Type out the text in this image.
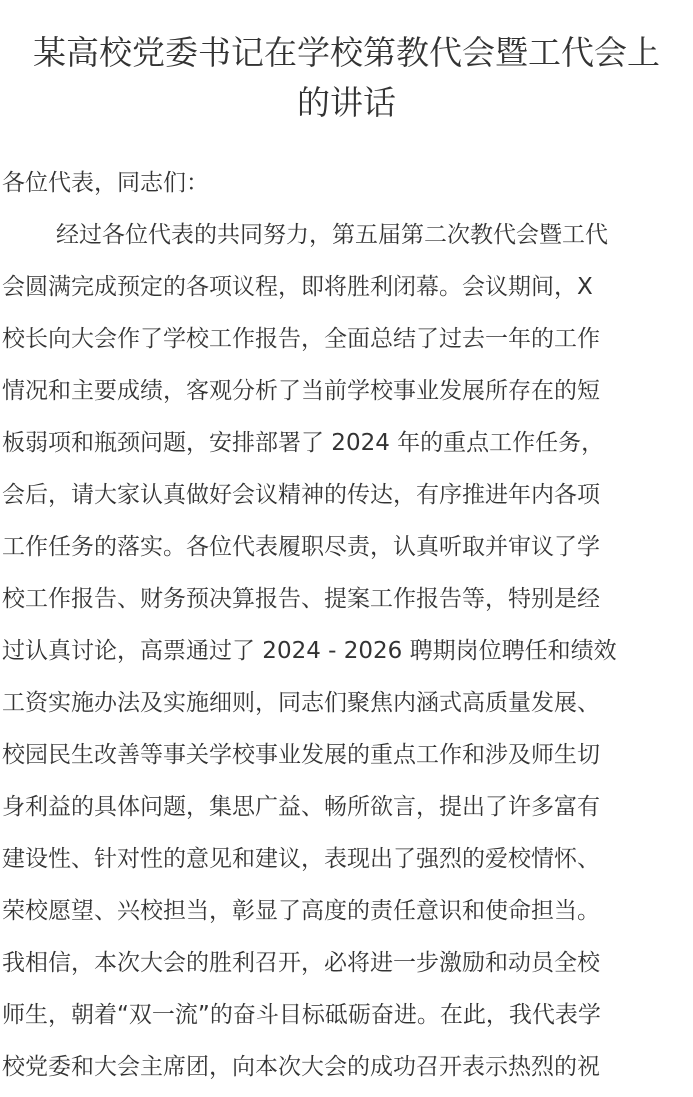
某高校党委书记在学校第教代会暨工代会上
的讲话
各位代表，同志们：
经过各位代表的共同努力，第五届第二次教代会暨工代
会圆满完成预定的各项议程，即将胜利闭幕。会议期间，X
校长向大会作了学校工作报告，全面总结了过去一年的工作
情况和主要成绩，客观分析了当前学校事业发展所存在的短
板弱项和瓶颈问题，安排部署了 2024 年的重点工作任务，
会后，请大家认真做好会议精神的传达，有序推进年内各项
工作任务的落实。各位代表履职尽责，认真听取并审议了学
校工作报告、财务预决算报告、提案工作报告等，特别是经
过认真讨论，高票通过了 2024 - 2026 聘期岗位聘任和绩效
工资实施办法及实施细则，同志们聚焦内涵式高质量发展、
校园民生改善等事关学校事业发展的重点工作和涉及师生切
身利益的具体问题，集思广益、畅所欲言，提出了许多富有
建设性、针对性的意见和建议，表现出了强烈的爱校情怀、
荣校愿望、兴校担当，彰显了高度的责任意识和使命担当。
我相信，本次大会的胜利召开，必将进一步激励和动员全校
师生，朝着“双一流”的奋斗目标砥砺奋进。在此，我代表学
校党委和大会主席团，向本次大会的成功召开表示热烈的祝
